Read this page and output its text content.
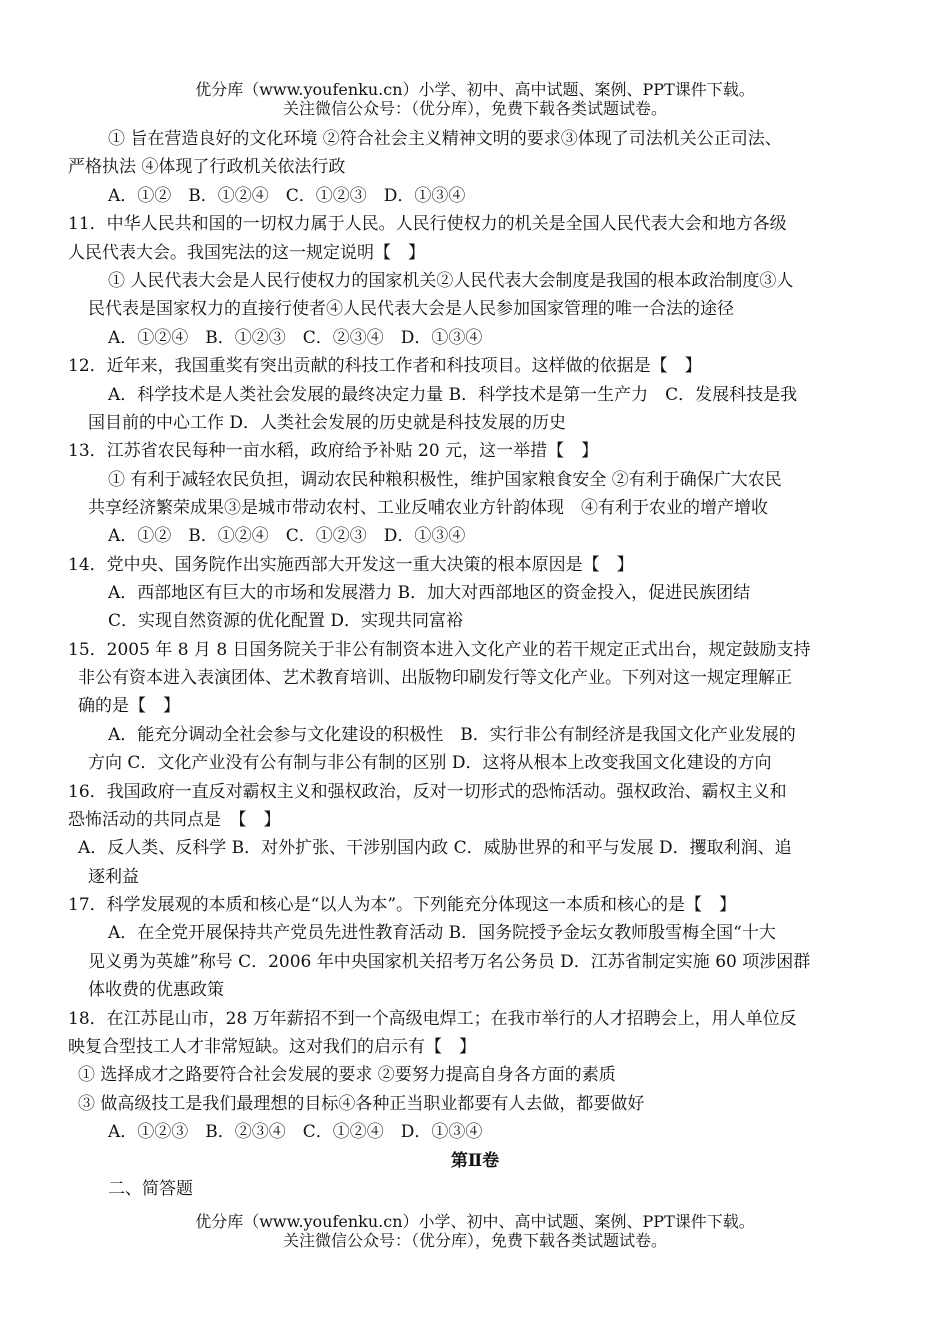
优分库（www.youfenku.cn）小学、初中、高中试题、案例、PPT课件下载。
关注微信公众号：（优分库），免费下载各类试题试卷。
① 旨在营造良好的文化环境 ②符合社会主义精神文明的要求③体现了司法机关公正司法、
严格执法 ④体现了行政机关依法行政
A．①②　B．①②④　C．①②③　D．①③④
11．中华人民共和国的一切权力属于人民。人民行使权力的机关是全国人民代表大会和地方各级
人民代表大会。我国宪法的这一规定说明【　】
① 人民代表大会是人民行使权力的国家机关②人民代表大会制度是我国的根本政治制度③人
民代表是国家权力的直接行使者④人民代表大会是人民参加国家管理的唯一合法的途径
A．①②④　B．①②③　C．②③④　D．①③④
12．近年来，我国重奖有突出贡献的科技工作者和科技项目。这样做的依据是【　】
A．科学技术是人类社会发展的最终决定力量 B．科学技术是第一生产力　C．发展科技是我
国目前的中心工作 D．人类社会发展的历史就是科技发展的历史
13．江苏省农民每种一亩水稻，政府给予补贴 20 元，这一举措【　】
① 有利于减轻农民负担，调动农民种粮积极性，维护国家粮食安全 ②有利于确保广大农民
共享经济繁荣成果③是城市带动农村、工业反哺农业方针韵体现　④有利于农业的增产增收
A．①②　B．①②④　C．①②③　D．①③④
14．党中央、国务院作出实施西部大开发这一重大决策的根本原因是【　】
A．西部地区有巨大的市场和发展潜力 B．加大对西部地区的资金投入，促进民族团结
C．实现自然资源的优化配置 D．实现共同富裕
15．2005 年 8 月 8 日国务院关于非公有制资本进入文化产业的若干规定正式出台，规定鼓励支持
非公有资本进入表演团体、艺术教育培训、出版物印刷发行等文化产业。下列对这一规定理解正
确的是【　】
A．能充分调动全社会参与文化建设的积极性　B．实行非公有制经济是我国文化产业发展的
方向 C．文化产业没有公有制与非公有制的区别 D．这将从根本上改变我国文化建设的方向
16．我国政府一直反对霸权主义和强权政治，反对一切形式的恐怖活动。强权政治、霸权主义和
恐怖活动的共同点是　【　】
A．反人类、反科学 B．对外扩张、干涉别国内政 C．威胁世界的和平与发展 D．攫取利润、追
逐利益
17．科学发展观的本质和核心是“以人为本”。下列能充分体现这一本质和核心的是【　】
A．在全党开展保持共产党员先进性教育活动 B．国务院授予金坛女教师殷雪梅全国“十大
见义勇为英雄”称号 C．2006 年中央国家机关招考万名公务员 D．江苏省制定实施 60 项涉困群
体收费的优惠政策
18．在江苏昆山市，28 万年薪招不到一个高级电焊工；在我市举行的人才招聘会上，用人单位反
映复合型技工人才非常短缺。这对我们的启示有【　】
① 选择成才之路要符合社会发展的要求 ②要努力提高自身各方面的素质
③ 做高级技工是我们最理想的目标④各种正当职业都要有人去做，都要做好
A．①②③　B．②③④　C．①②④　D．①③④
第Ⅱ卷
二、简答题
优分库（www.youfenku.cn）小学、初中、高中试题、案例、PPT课件下载。
关注微信公众号：（优分库），免费下载各类试题试卷。
